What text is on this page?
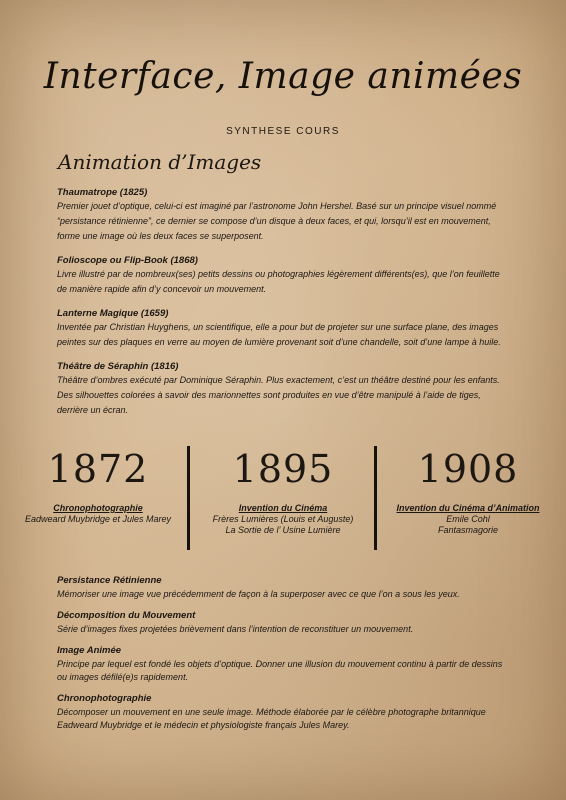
Interface, Image animées
SYNTHESE COURS
Animation d’Images
Thaumatrope (1825)
Premier jouet d’optique, celui-ci est imaginé par l’astronome John Hershel. Basé sur un principe visuel nommé “persistance rétinienne”, ce dernier se compose d’un disque à deux faces, et qui, lorsqu’il est en mouvement, forme une image où les deux faces se superposent.
Folioscope ou Flip-Book (1868)
Livre illustré par de nombreux(ses) petits dessins ou photographies légèrement différents(es), que l’on feuillette de manière rapide afin d’y concevoir un mouvement.
Lanterne Magique (1659)
Inventée par Christian Huyghens, un scientifique, elle a pour but de projeter sur une surface plane, des images peintes sur des plaques en verre au moyen de lumière provenant soit d’une chandelle, soit d’une lampe à huile.
Théâtre de Séraphin (1816)
Théâtre d’ombres exécuté par Dominique Séraphin. Plus exactement, c’est un théâtre destiné pour les enfants. Des silhouettes colorées à savoir des marionnettes sont produites en vue d’être manipulé à l’aide de tiges, derrière un écran.
1872
Chronophotographie
Eadweard Muybridge et Jules Marey
1895
Invention du Cinéma
Frères Lumières (Louis et Auguste)
La Sortie de l’ Usine Lumière
1908
Invention du Cinéma d’Animation
Emile Cohl
Fantasmagorie
Persistance Rétinienne
Mémoriser une image vue précédemment de façon à la superposer avec ce que l’on a sous les yeux.
Décomposition du Mouvement
Série d’images fixes projetées brièvement dans l’intention de reconstituer un mouvement.
Image Animée
Principe par lequel est fondé les objets d’optique. Donner une illusion du mouvement continu à partir de dessins ou images défilé(e)s rapidement.
Chronophotographie
Décomposer un mouvement en une seule image. Méthode élaborée par le célèbre photographe britannique Eadweard Muybridge et le médecin et physiologiste français Jules Marey.
